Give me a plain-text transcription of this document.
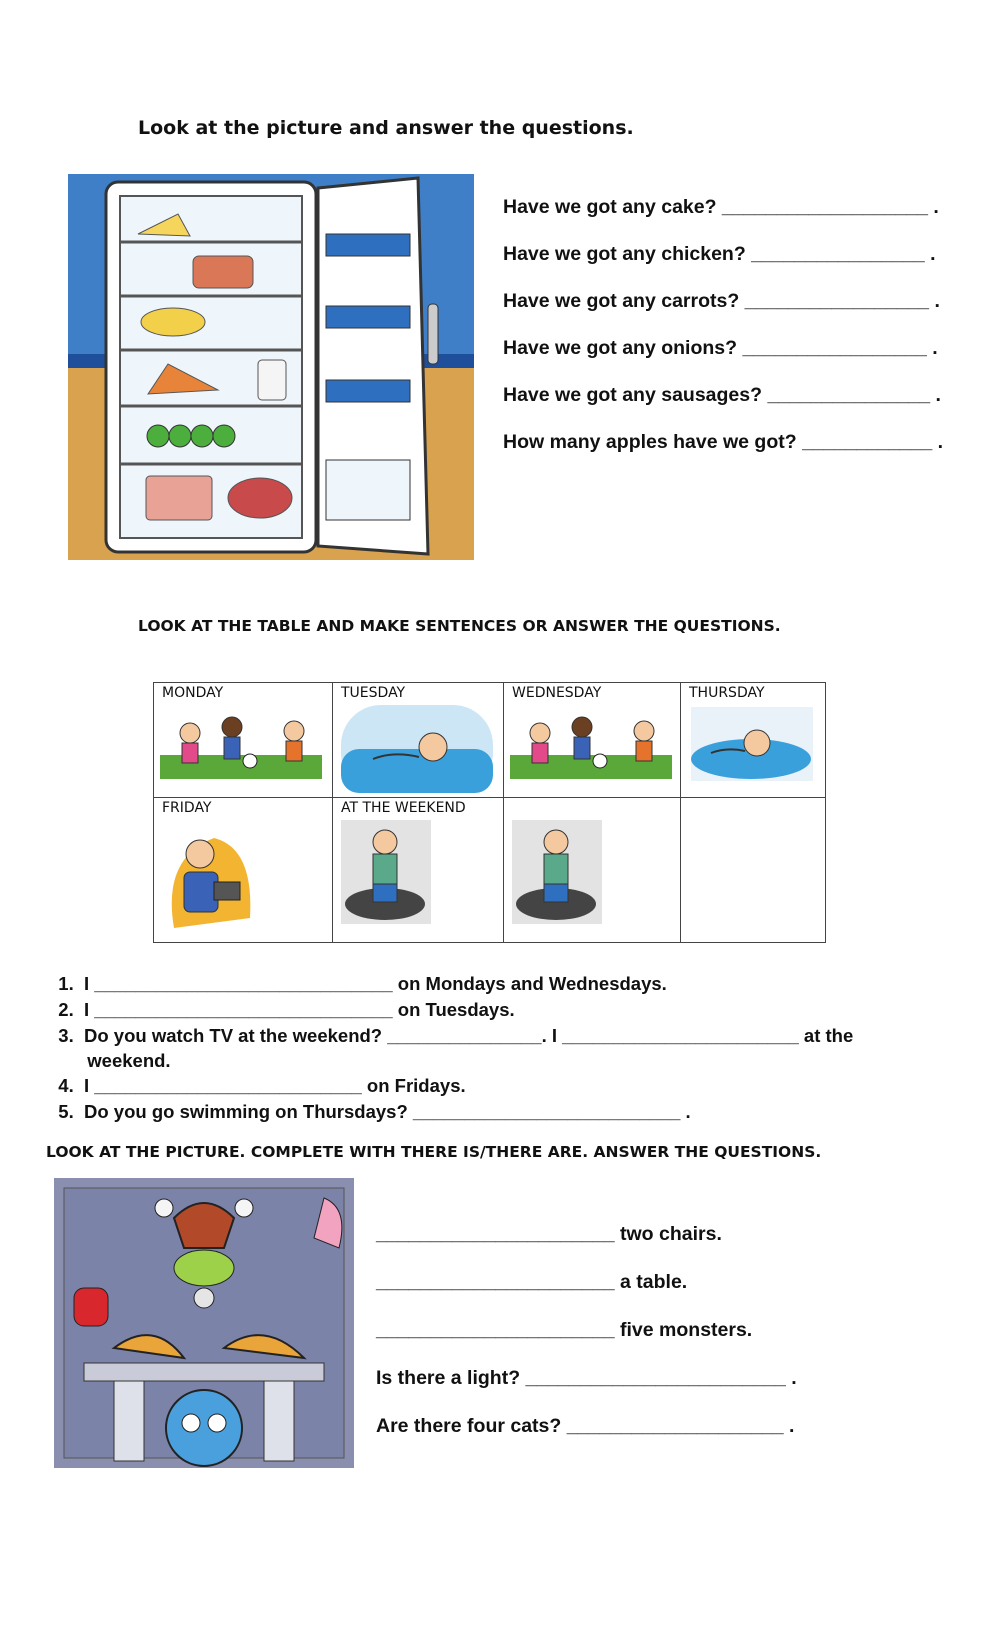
Look at the picture and answer the questions.
Have we got any cake? ___________________ .
Have we got any chicken? ________________ .
Have we got any carrots? _________________ .
Have we got any onions? _________________ .
Have we got any sausages? _______________ .
How many apples have we got? ____________ .
LOOK AT THE TABLE AND MAKE SENTENCES OR ANSWER THE QUESTIONS.
MONDAY	TUESDAY	WEDNESDAY	THURSDAY

FRIDAY	AT THE WEEKEND

1. I _____________________________ on Mondays and Wednesdays.

2. I _____________________________ on Tuesdays.

3. Do you watch TV at the weekend? _______________. I _______________________ at the

weekend.

4. I __________________________ on Fridays.

5. Do you go swimming on Thursdays? __________________________ .

LOOK AT THE PICTURE. COMPLETE WITH THERE IS/THERE ARE. ANSWER THE QUESTIONS.
______________________ two chairs.
______________________ a table.
______________________ five monsters.
Is there a light? ________________________ .
Are there four cats? ____________________ .
